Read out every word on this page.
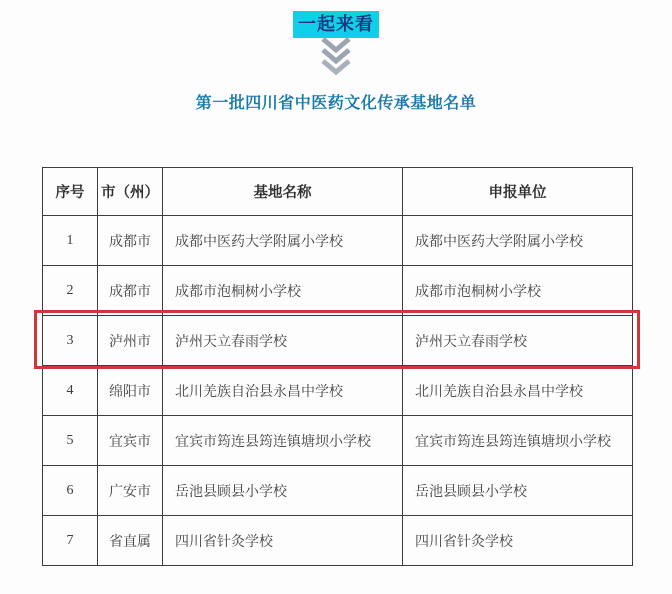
一起来看
第一批四川省中医药文化传承基地名单
序号	市（州）	基地名称	申报单位
1	成都市	成都中医药大学附属小学校	成都中医药大学附属小学校
2	成都市	成都市泡桐树小学校	成都市泡桐树小学校
3	泸州市	泸州天立春雨学校	泸州天立春雨学校
4	绵阳市	北川羌族自治县永昌中学校	北川羌族自治县永昌中学校
5	宜宾市	宜宾市筠连县筠连镇塘坝小学校	宜宾市筠连县筠连镇塘坝小学校
6	广安市	岳池县顾县小学校	岳池县顾县小学校
7	省直属	四川省针灸学校	四川省针灸学校
